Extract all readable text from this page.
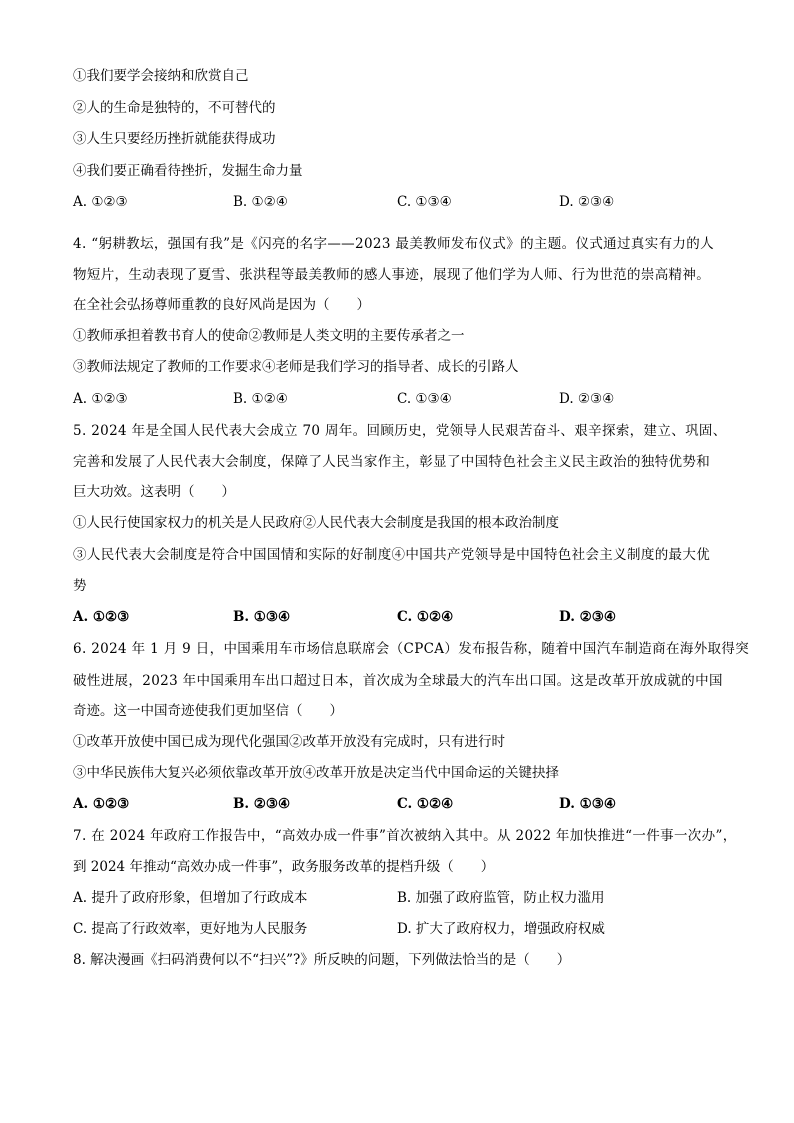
①我们要学会接纳和欣赏自己
②人的生命是独特的，不可替代的
③人生只要经历挫折就能获得成功
④我们要正确看待挫折，发掘生命力量
A. ①②③	B. ①②④	C. ①③④	D. ②③④
4. “躬耕教坛，强国有我”是《闪亮的名字——2023 最美教师发布仪式》的主题。仪式通过真实有力的人
物短片，生动表现了夏雪、张洪程等最美教师的感人事迹，展现了他们学为人师、行为世范的崇高精神。
在全社会弘扬尊师重教的良好风尚是因为（　　）
①教师承担着教书育人的使命②教师是人类文明的主要传承者之一
③教师法规定了教师的工作要求④老师是我们学习的指导者、成长的引路人
A. ①②③	B. ①②④	C. ①③④	D. ②③④
5. 2024 年是全国人民代表大会成立 70 周年。回顾历史，党领导人民艰苦奋斗、艰辛探索，建立、巩固、
完善和发展了人民代表大会制度，保障了人民当家作主，彰显了中国特色社会主义民主政治的独特优势和
巨大功效。这表明（　　）
①人民行使国家权力的机关是人民政府②人民代表大会制度是我国的根本政治制度
③人民代表大会制度是符合中国国情和实际的好制度④中国共产党领导是中国特色社会主义制度的最大优
势
A. ①②③	B. ①③④	C. ①②④	D. ②③④
6. 2024 年 1 月 9 日，中国乘用车市场信息联席会（CPCA）发布报告称，随着中国汽车制造商在海外取得突
破性进展，2023 年中国乘用车出口超过日本，首次成为全球最大的汽车出口国。这是改革开放成就的中国
奇迹。这一中国奇迹使我们更加坚信（　　）
①改革开放使中国已成为现代化强国②改革开放没有完成时，只有进行时
③中华民族伟大复兴必须依靠改革开放④改革开放是决定当代中国命运的关键抉择
A. ①②③	B. ②③④	C. ①②④	D. ①③④
7. 在 2024 年政府工作报告中，“高效办成一件事”首次被纳入其中。从 2022 年加快推进“一件事一次办”，
到 2024 年推动“高效办成一件事”，政务服务改革的提档升级（　　）
A. 提升了政府形象，但增加了行政成本	B. 加强了政府监管，防止权力滥用
C. 提高了行政效率，更好地为人民服务	D. 扩大了政府权力，增强政府权威
8. 解决漫画《扫码消费何以不“扫兴”?》所反映的问题，下列做法恰当的是（　　）
